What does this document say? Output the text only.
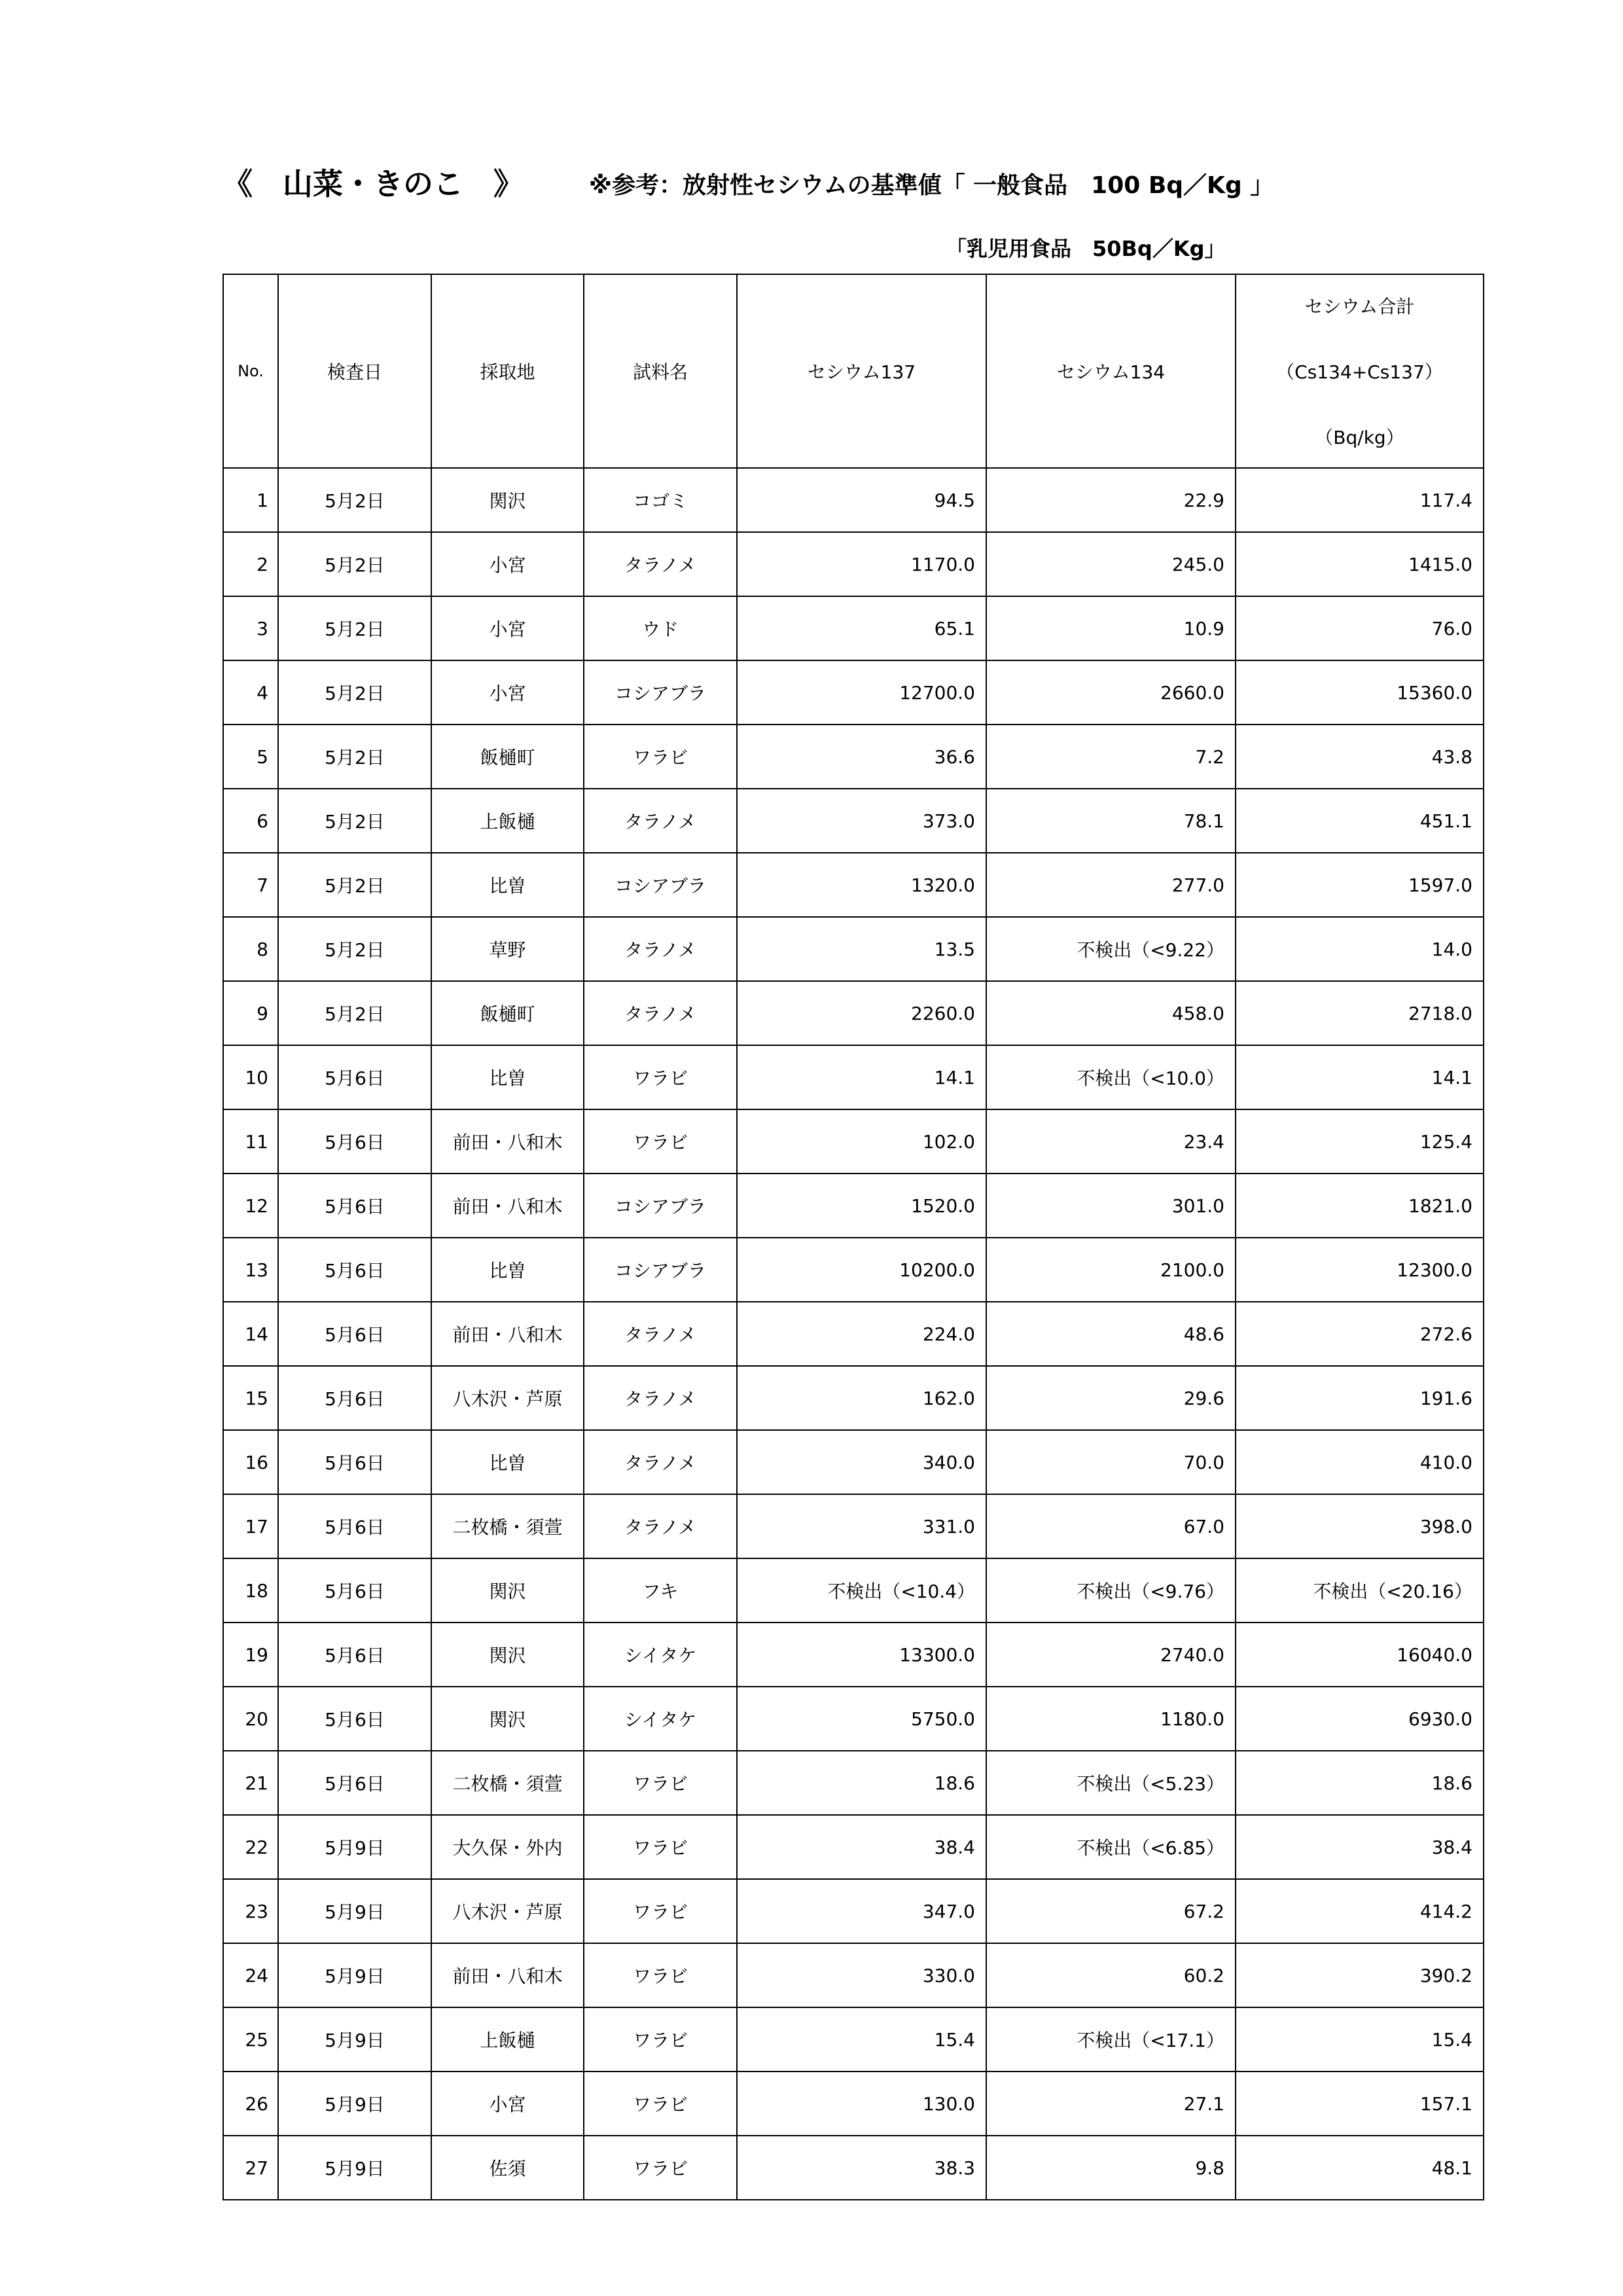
《　山菜・きのこ　》	※参考：放射性セシウムの基準値「 一般食品　100 Bq／Kg 」
「乳児用食品　50Bq／Kg」
No.	検査日	採取地	試料名	セシウム137	セシウム134	セシウム合計
（Cs134+Cs137）
（Bq/kg）

1	5月2日	関沢	コゴミ	94.5	22.9	117.4
2	5月2日	小宮	タラノメ	1170.0	245.0	1415.0
3	5月2日	小宮	ウド	65.1	10.9	76.0
4	5月2日	小宮	コシアブラ	12700.0	2660.0	15360.0
5	5月2日	飯樋町	ワラビ	36.6	7.2	43.8
6	5月2日	上飯樋	タラノメ	373.0	78.1	451.1
7	5月2日	比曽	コシアブラ	1320.0	277.0	1597.0
8	5月2日	草野	タラノメ	13.5	不検出（<9.22）	14.0
9	5月2日	飯樋町	タラノメ	2260.0	458.0	2718.0
10	5月6日	比曽	ワラビ	14.1	不検出（<10.0）	14.1
11	5月6日	前田・八和木	ワラビ	102.0	23.4	125.4
12	5月6日	前田・八和木	コシアブラ	1520.0	301.0	1821.0
13	5月6日	比曽	コシアブラ	10200.0	2100.0	12300.0
14	5月6日	前田・八和木	タラノメ	224.0	48.6	272.6
15	5月6日	八木沢・芦原	タラノメ	162.0	29.6	191.6
16	5月6日	比曽	タラノメ	340.0	70.0	410.0
17	5月6日	二枚橋・須萱	タラノメ	331.0	67.0	398.0
18	5月6日	関沢	フキ	不検出（<10.4）	不検出（<9.76）	不検出（<20.16）
19	5月6日	関沢	シイタケ	13300.0	2740.0	16040.0
20	5月6日	関沢	シイタケ	5750.0	1180.0	6930.0
21	5月6日	二枚橋・須萱	ワラビ	18.6	不検出（<5.23）	18.6
22	5月9日	大久保・外内	ワラビ	38.4	不検出（<6.85）	38.4
23	5月9日	八木沢・芦原	ワラビ	347.0	67.2	414.2
24	5月9日	前田・八和木	ワラビ	330.0	60.2	390.2
25	5月9日	上飯樋	ワラビ	15.4	不検出（<17.1）	15.4
26	5月9日	小宮	ワラビ	130.0	27.1	157.1
27	5月9日	佐須	ワラビ	38.3	9.8	48.1
